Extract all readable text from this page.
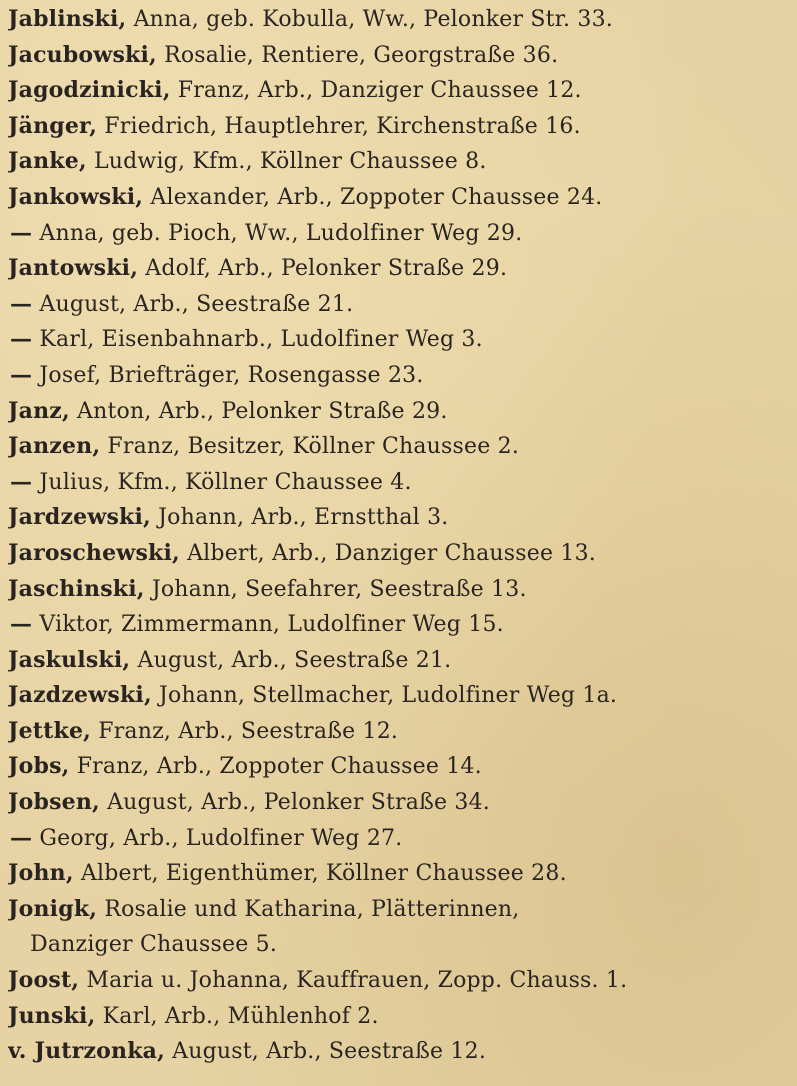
Jablinski, Anna, geb. Kobulla, Ww., Pelonker Str. 33.
Jacubowski, Rosalie, Rentiere, Georgstraße 36.
Jagodzinicki, Franz, Arb., Danziger Chaussee 12.
Jänger, Friedrich, Hauptlehrer, Kirchenstraße 16.
Janke, Ludwig, Kfm., Köllner Chaussee 8.
Jankowski, Alexander, Arb., Zoppoter Chaussee 24.
— Anna, geb. Pioch, Ww., Ludolfiner Weg 29.
Jantowski, Adolf, Arb., Pelonker Straße 29.
— August, Arb., Seestraße 21.
— Karl, Eisenbahnarb., Ludolfiner Weg 3.
— Josef, Briefträger, Rosengasse 23.
Janz, Anton, Arb., Pelonker Straße 29.
Janzen, Franz, Besitzer, Köllner Chaussee 2.
— Julius, Kfm., Köllner Chaussee 4.
Jardzewski, Johann, Arb., Ernstthal 3.
Jaroschewski, Albert, Arb., Danziger Chaussee 13.
Jaschinski, Johann, Seefahrer, Seestraße 13.
— Viktor, Zimmermann, Ludolfiner Weg 15.
Jaskulski, August, Arb., Seestraße 21.
Jazdzewski, Johann, Stellmacher, Ludolfiner Weg 1a.
Jettke, Franz, Arb., Seestraße 12.
Jobs, Franz, Arb., Zoppoter Chaussee 14.
Jobsen, August, Arb., Pelonker Straße 34.
— Georg, Arb., Ludolfiner Weg 27.
John, Albert, Eigenthümer, Köllner Chaussee 28.
Jonigk, Rosalie und Katharina, Plätterinnen,
Danziger Chaussee 5.
Joost, Maria u. Johanna, Kauffrauen, Zopp. Chauss. 1.
Junski, Karl, Arb., Mühlenhof 2.
v. Jutrzonka, August, Arb., Seestraße 12.
